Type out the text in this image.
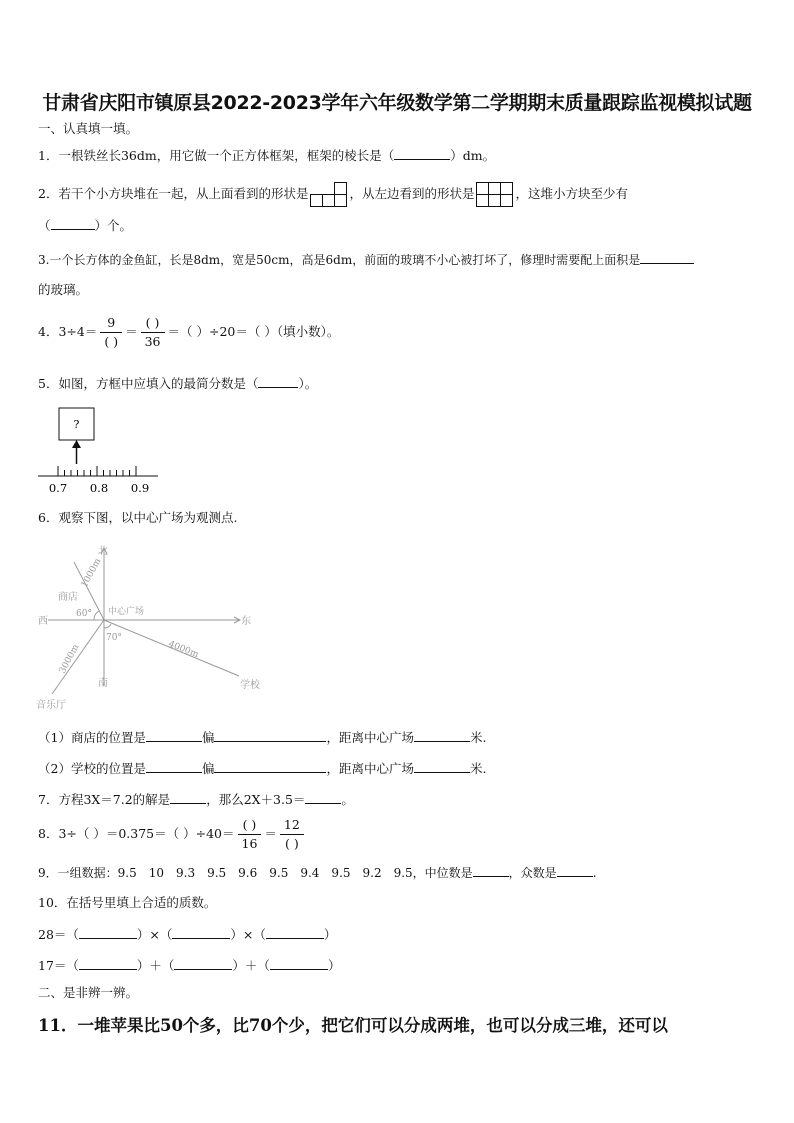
甘肃省庆阳市镇原县2022-2023学年六年级数学第二学期期末质量跟踪监视模拟试题
一、认真填一填。
1．一根铁丝长36dm，用它做一个正方体框架，框架的棱长是（	）dm。
2．若干个小方块堆在一起，从上面看到的形状是		
			，从左边看到的形状是		
			，这堆小方块至少有
（	）个。
3.一个长方体的金鱼缸，长是8dm，宽是50cm，高是6dm，前面的玻璃不小心被打坏了，修理时需要配上面积是
的玻璃。
4．$3\div 4= \frac{9}{( )} = \frac{( )}{36}$ ＝（ ）÷20＝（ ）（填小数）。
5．如图，方框中应填入的最简分数是（	）。
?
0.7 0.8 0.9
6．观察下图，以中心广场为观测点.
北
西	东
南
中心广场
商店
学校
音乐厅
60°
70°
1000m
4000m
3000m
（1）商店的位置是	偏	，距离中心广场	米.
（2）学校的位置是	偏	，距离中心广场	米.
7．方程3X＝7.2的解是	，那么2X＋3.5＝	。
8．3÷（ ）＝0.375＝（ ）$\div 40= \frac{( )}{16} = \frac{12}{( )}$
9．一组数据：9.5　10　9.3　9.5　9.6　9.5　9.4　9.5　9.2　9.5，中位数是	，众数是	.
10．在括号里填上合适的质数。
28＝（	）×（	）×（	）
17＝（	）＋（	）＋（	）
二、是非辨一辨。
11．一堆苹果比50个多，比70个少，把它们可以分成两堆，也可以分成三堆，还可以
